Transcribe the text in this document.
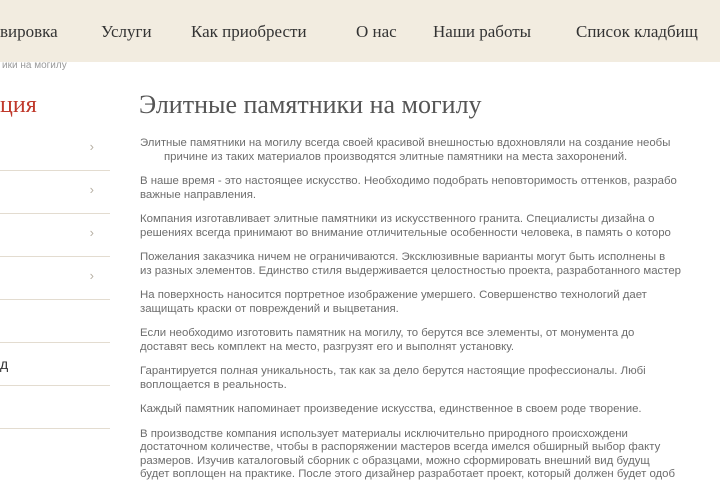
вировка	Услуги Как приобрести	О нас Наши работы	Список кладбищ
ики на могилу
ция
›
›
›
›
д
Элитные памятники на могилу

Элитные памятники на могилу всегда своей красивой внешностью вдохновляли на создание необы
причине из таких материалов производятся элитные памятники на места захоронений.

В наше время - это настоящее искусство. Необходимо подобрать неповторимость оттенков, разрабо
важные направления.

Компания изготавливает элитные памятники из искусственного гранита. Специалисты дизайна о
решениях всегда принимают во внимание отличительные особенности человека, в память о которо

Пожелания заказчика ничем не ограничиваются. Эксклюзивные варианты могут быть исполнены в
из разных элементов. Единство стиля выдерживается целостностью проекта, разработанного мастер

На поверхность наносится портретное изображение умершего. Совершенство технологий дает
защищать краски от повреждений и выцветания.

Если необходимо изготовить памятник на могилу, то берутся все элементы, от монумента до
доставят весь комплект на место, разгрузят его и выполнят установку.

Гарантируется полная уникальность, так как за дело берутся настоящие профессионалы. Любі
воплощается в реальность.

Каждый памятник напоминает произведение искусства, единственное в своем роде творение.

В производстве компания использует материалы исключительно природного происхождени
достаточном количестве, чтобы в распоряжении мастеров всегда имелся обширный выбор факту
размеров. Изучив каталоговый сборник с образцами, можно сформировать внешний вид будущ
будет воплощен на практике. После этого дизайнер разработает проект, который должен будет одоб
